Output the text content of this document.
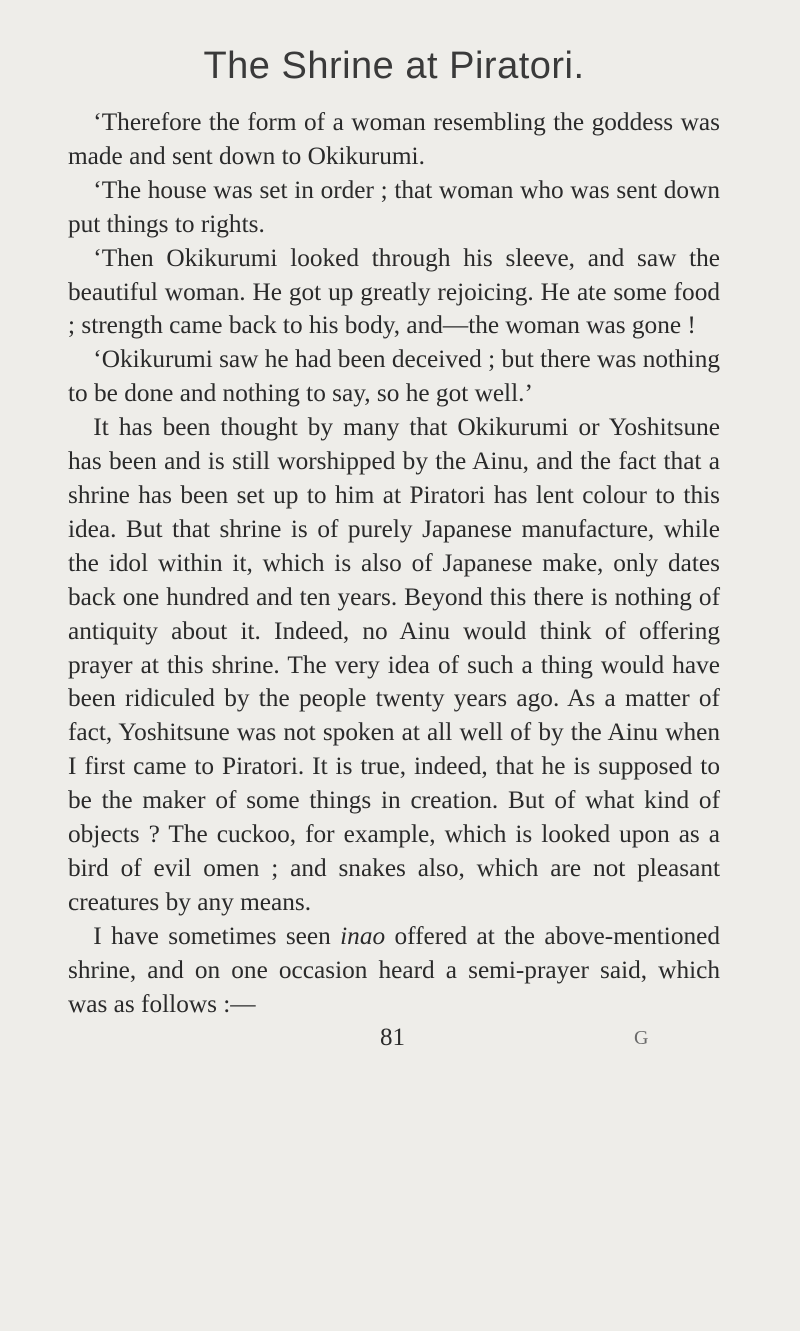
The Shrine at Piratori.

‘Therefore the form of a woman resembling the goddess was made and sent down to Okikurumi.

‘The house was set in order ; that woman who was sent down put things to rights.

‘Then Okikurumi looked through his sleeve, and saw the beautiful woman. He got up greatly rejoicing. He ate some food ; strength came back to his body, and—the woman was gone !

‘Okikurumi saw he had been deceived ; but there was nothing to be done and nothing to say, so he got well.’

It has been thought by many that Okikurumi or Yoshitsune has been and is still worshipped by the Ainu, and the fact that a shrine has been set up to him at Piratori has lent colour to this idea. But that shrine is of purely Japanese manufacture, while the idol within it, which is also of Japanese make, only dates back one hundred and ten years. Beyond this there is nothing of antiquity about it. Indeed, no Ainu would think of offering prayer at this shrine. The very idea of such a thing would have been ridiculed by the people twenty years ago. As a matter of fact, Yoshitsune was not spoken at all well of by the Ainu when I first came to Piratori. It is true, indeed, that he is supposed to be the maker of some things in creation. But of what kind of objects ? The cuckoo, for example, which is looked upon as a bird of evil omen ; and snakes also, which are not pleasant creatures by any means.

I have sometimes seen inao offered at the above-mentioned shrine, and on one occasion heard a semi-prayer said, which was as follows :—

81	G
